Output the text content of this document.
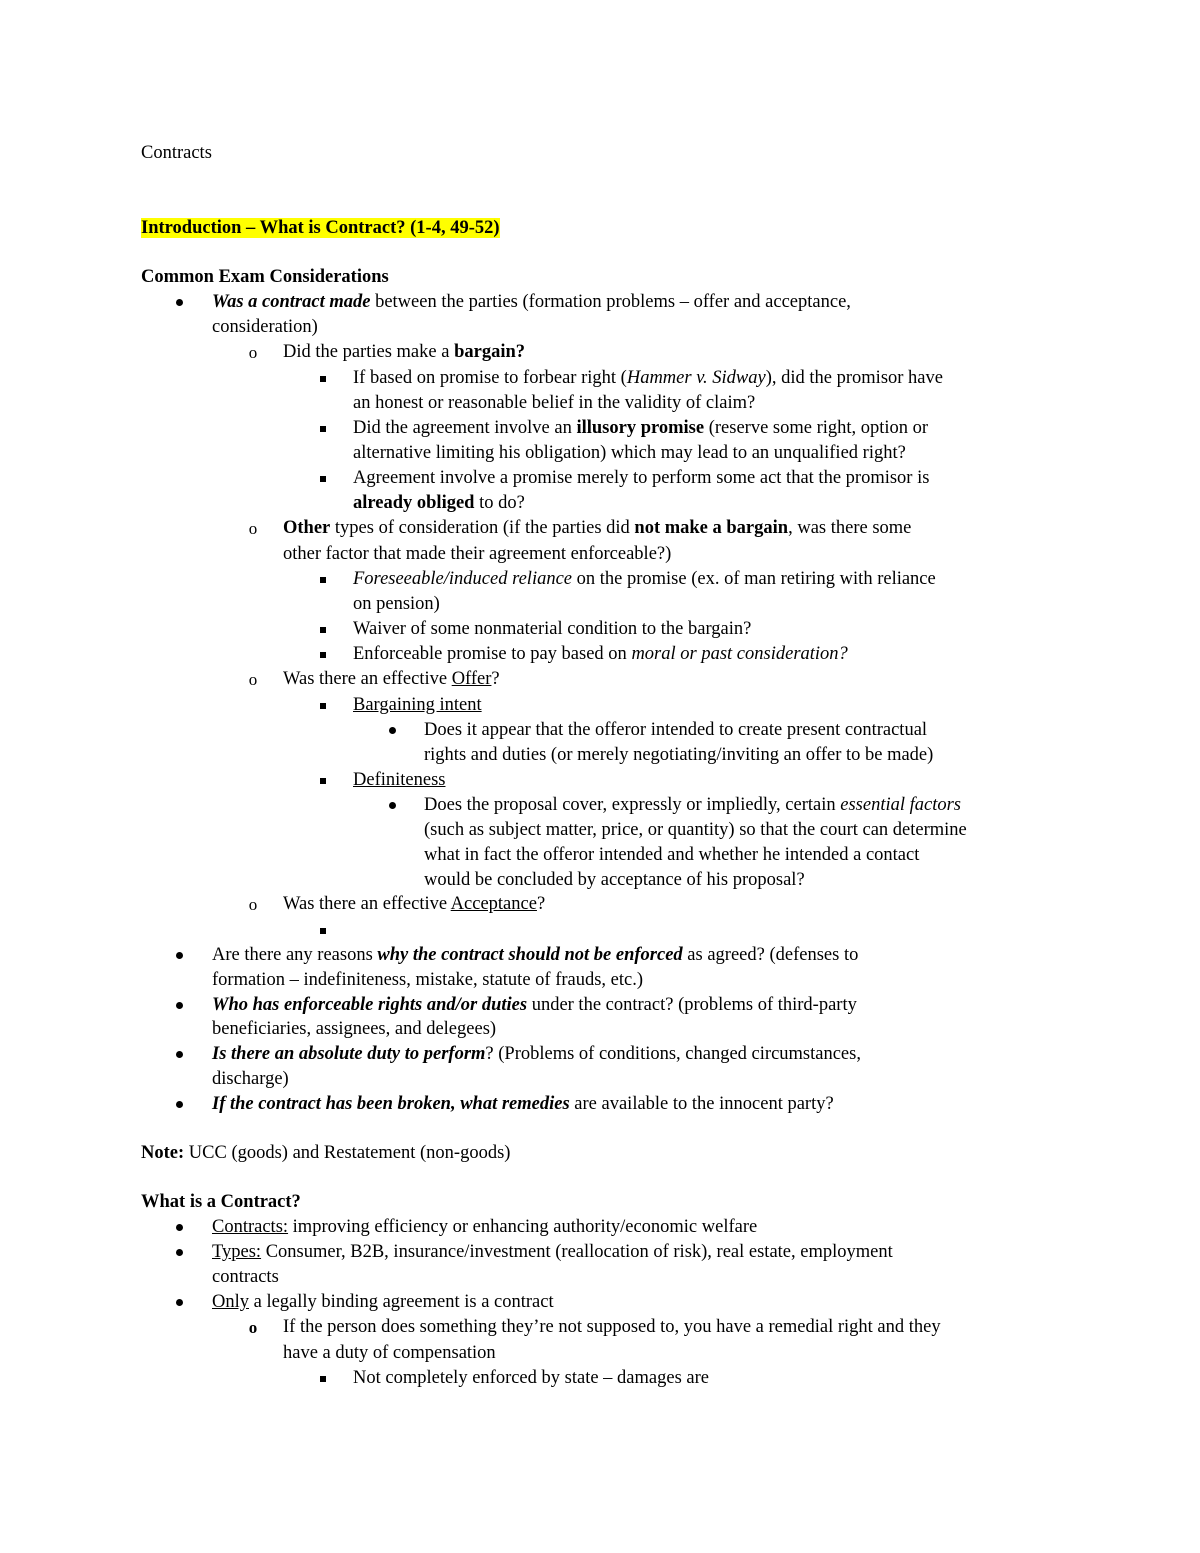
Contracts
Introduction – What is Contract? (1-4, 49-52)
Common Exam Considerations
Was a contract made between the parties (formation problems – offer and acceptance,
consideration)
o Did the parties make a bargain?
If based on promise to forbear right (Hammer v. Sidway), did the promisor have
an honest or reasonable belief in the validity of claim?
Did the agreement involve an illusory promise (reserve some right, option or
alternative limiting his obligation) which may lead to an unqualified right?
Agreement involve a promise merely to perform some act that the promisor is
already obliged to do?
o Other types of consideration (if the parties did not make a bargain, was there some
other factor that made their agreement enforceable?)
Foreseeable/induced reliance on the promise (ex. of man retiring with reliance
on pension)
Waiver of some nonmaterial condition to the bargain?
Enforceable promise to pay based on moral or past consideration?
o Was there an effective Offer?
Bargaining intent
Does it appear that the offeror intended to create present contractual
rights and duties (or merely negotiating/inviting an offer to be made)
Definiteness
Does the proposal cover, expressly or impliedly, certain essential factors
(such as subject matter, price, or quantity) so that the court can determine
what in fact the offeror intended and whether he intended a contact
would be concluded by acceptance of his proposal?
o Was there an effective Acceptance?
Are there any reasons why the contract should not be enforced as agreed? (defenses to
formation – indefiniteness, mistake, statute of frauds, etc.)
Who has enforceable rights and/or duties under the contract? (problems of third-party
beneficiaries, assignees, and delegees)
Is there an absolute duty to perform? (Problems of conditions, changed circumstances,
discharge)
If the contract has been broken, what remedies are available to the innocent party?
Note: UCC (goods) and Restatement (non-goods)
What is a Contract?
Contracts: improving efficiency or enhancing authority/economic welfare
Types: Consumer, B2B, insurance/investment (reallocation of risk), real estate, employment
contracts
Only a legally binding agreement is a contract
o If the person does something they’re not supposed to, you have a remedial right and they
have a duty of compensation
Not completely enforced by state – damages are
